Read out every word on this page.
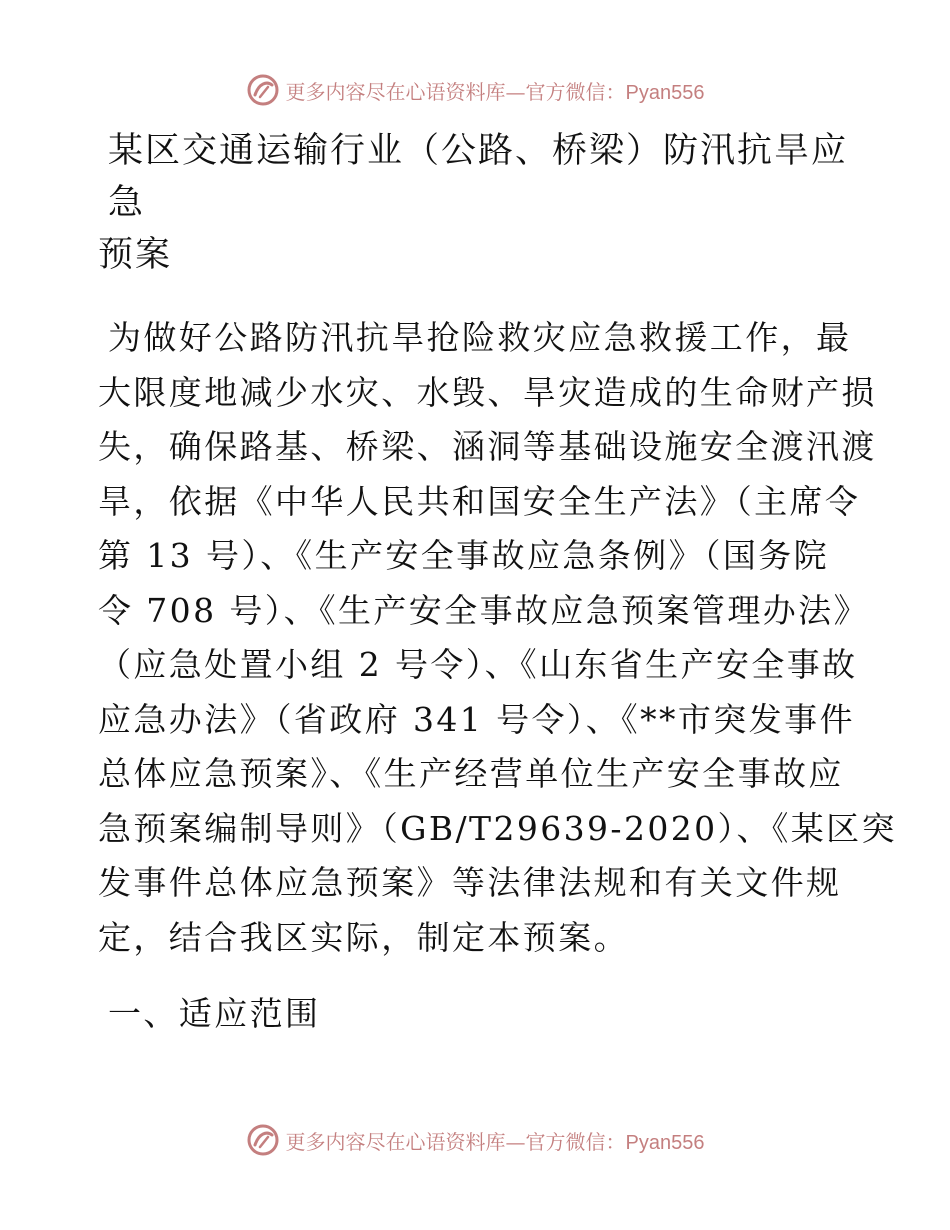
更多内容尽在心语资料库—官方微信：Pyan556
某区交通运输行业（公路、桥梁）防汛抗旱应急
预案
为做好公路防汛抗旱抢险救灾应急救援工作，最
大限度地减少水灾、水毁、旱灾造成的生命财产损
失，确保路基、桥梁、涵洞等基础设施安全渡汛渡
旱，依据《中华人民共和国安全生产法》（主席令
第 13 号）、《生产安全事故应急条例》（国务院
令 708 号）、《生产安全事故应急预案管理办法》
（应急处置小组 2 号令）、《山东省生产安全事故
应急办法》（省政府 341 号令）、《**市突发事件
总体应急预案》、《生产经营单位生产安全事故应
急预案编制导则》（GB/T29639-2020）、《某区突
发事件总体应急预案》等法律法规和有关文件规
定，结合我区实际，制定本预案。
一、适应范围
更多内容尽在心语资料库—官方微信：Pyan556
